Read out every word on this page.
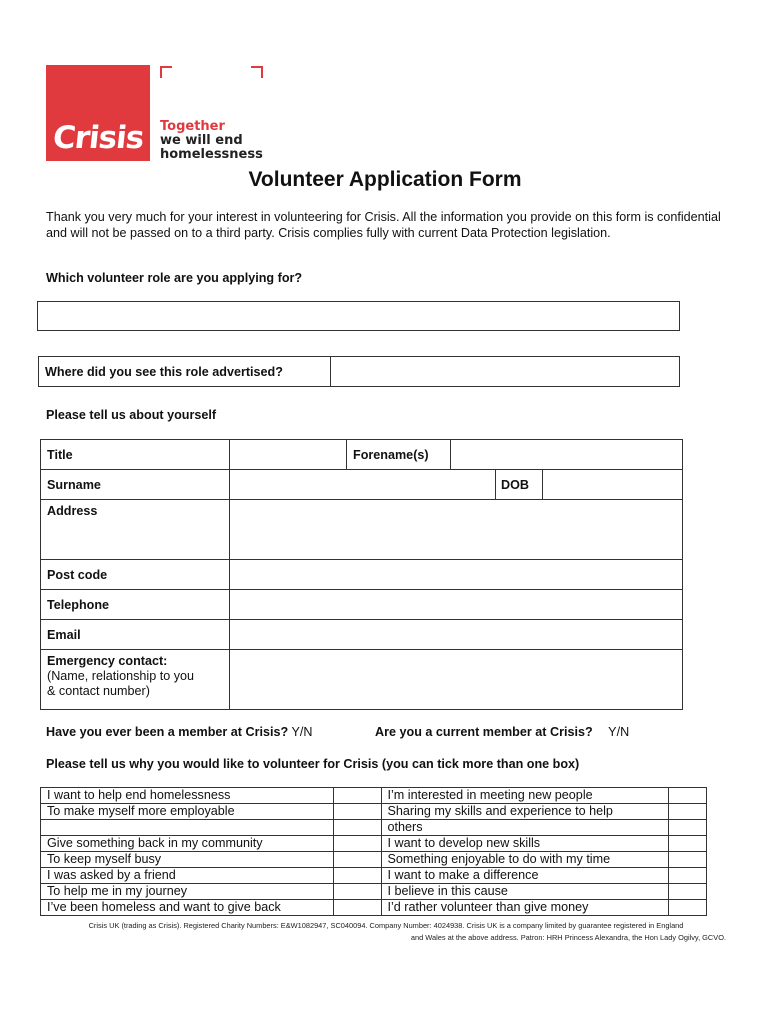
Crisis Together
we will end
homelessness
Volunteer Application Form
Thank you very much for your interest in volunteering for Crisis. All the information you provide on this form is confidential and will not be passed on to a third party. Crisis complies fully with current Data Protection legislation.
Which volunteer role are you applying for?
Where did you see this role advertised?	
Please tell us about yourself
Title		Forename(s)			
Surname				DOB	
Address					
Post code					
Telephone					
Email					

Emergency contact:
(Name, relationship to you
& contact number)					

Have you ever been a member at Crisis? Y/N	Are you a current member at Crisis? Y/N
Please tell us why you would like to volunteer for Crisis (you can tick more than one box)
I want to help end homelessness		I’m interested in meeting new people	
To make myself more employable		Sharing my skills and experience to help	
		others	
Give something back in my community		I want to develop new skills	
To keep myself busy		Something enjoyable to do with my time	
I was asked by a friend		I want to make a difference	
To help me in my journey		I believe in this cause	
I’ve been homeless and want to give back		I’d rather volunteer than give money	
Crisis UK (trading as Crisis). Registered Charity Numbers: E&W1082947, SC040094. Company Number: 4024938. Crisis UK is a company limited by guarantee registered in England
and Wales at the above address. Patron: HRH Princess Alexandra, the Hon Lady Ogilvy, GCVO.
